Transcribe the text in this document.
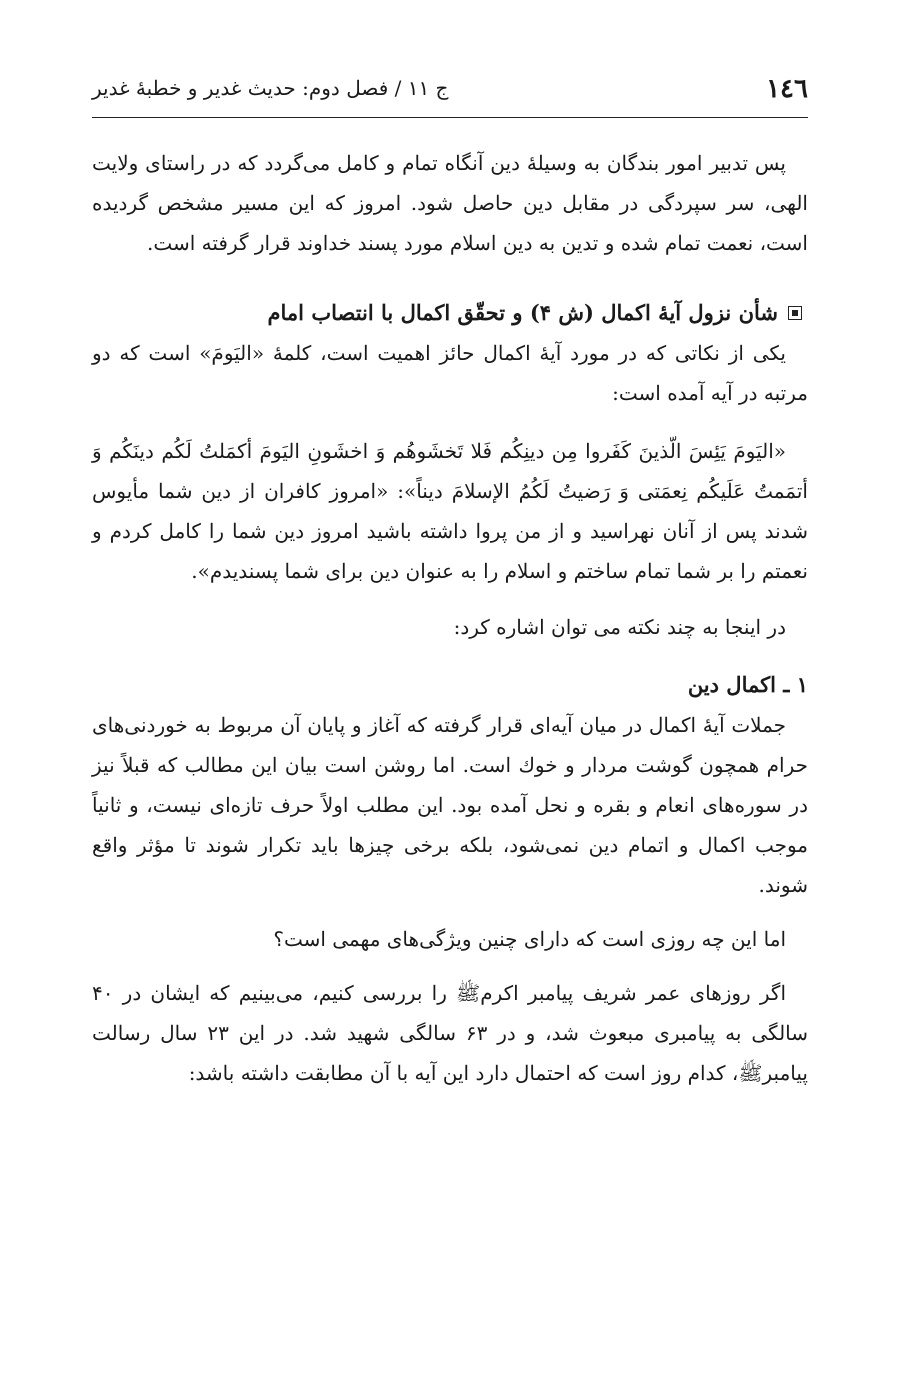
١٤٦
ج ١١ / فصل دوم: حديث غدير و خطبهٔ غدير

پس تدبير امور بندگان به وسيلهٔ دين آنگاه تمام و كامل مى‌گردد كه در راستاى ولايت الهى، سر سپردگى در مقابل دين حاصل شود. امروز كه اين مسير مشخص گرديده است، نعمت تمام شده و تدين به دين اسلام مورد پسند خداوند قرار گرفته است.

شأن نزول آيهٔ اكمال (ش ۴) و تحقّق اكمال با انتصاب امام

يكى از نكاتى كه در مورد آيهٔ اكمال حائز اهميت است، كلمهٔ «اليَومَ» است كه دو مرتبه در آيه آمده است:

«اليَومَ يَئِسَ الّذينَ كَفَروا مِن دينِكُم فَلا تَخشَوهُم وَ اخشَونِ اليَومَ أكمَلتُ لَكُم دينَكُم وَ أتمَمتُ عَلَيكُم نِعمَتى وَ رَضيتُ لَكُمُ الإسلامَ ديناً»: «امروز كافران از دين شما مأيوس شدند پس از آنان نهراسيد و از من پروا داشته باشيد امروز دين شما را كامل كردم و نعمتم را بر شما تمام ساختم و اسلام را به عنوان دين براى شما پسنديدم».

در اينجا به چند نكته مى توان اشاره كرد:

١ ـ اكمال دين

جملات آيهٔ اكمال در ميان آيه‌اى قرار گرفته كه آغاز و پايان آن مربوط به خوردنى‌هاى حرام همچون گوشت مردار و خوك است. اما روشن است بيان اين مطالب كه قبلاً نيز در سوره‌هاى انعام و بقره و نحل آمده بود. اين مطلب اولاً حرف تازه‌اى نيست، و ثانياً موجب اكمال و اتمام دين نمى‌شود، بلكه برخى چيزها بايد تكرار شوند تا مؤثر واقع شوند.

اما اين چه روزى است كه داراى چنين ويژگى‌هاى مهمى است؟

اگر روزهاى عمر شريف پيامبر اكرمﷺ را بررسى كنيم، مى‌بينيم كه ايشان در ۴۰ سالگى به پيامبرى مبعوث شد، و در ۶۳ سالگى شهيد شد. در اين ۲۳ سال رسالت پيامبرﷺ، كدام روز است كه احتمال دارد اين آيه با آن مطابقت داشته باشد:
